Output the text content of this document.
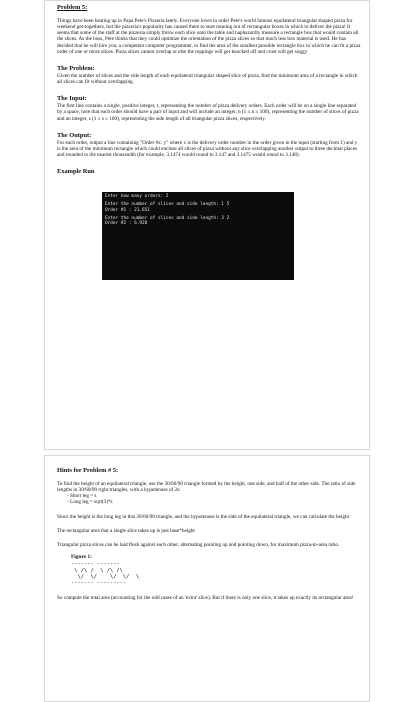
Problem 5:

Things have been heating up in Papa Pete's Pizzeria lately. Everyone loves to order Pete's world famous equilateral triangular shaped pizza for weekend get-togethers, but the pizzeria's popularity has caused them to start running out of rectangular boxes in which to deliver the pizza! It seems that some of the staff at the pizzeria simply throw each slice onto the table and haphazardly measure a rectangle box that would contain all the slices. As the boss, Pete thinks that they could optimize the orientation of the pizza slices so that much less box material is used. He has decided that he will hire you, a competent computer programmer, to find the area of the smallest possible rectangle box in which he can fit a pizza order of one or more slices. Pizza slices cannot overlap or else the toppings will get knocked off and crust will get soggy.

The Problem:

Given the number of slices and the side length of each equilateral triangular shaped slice of pizza, find the minimum area of a rectangle in which all slices can fit without overlapping.

The Input:

The first line contains a single, positive integer, t, representing the number of pizza delivery orders. Each order will be on a single line separated by a space, note that each order should have a pair of input and will include an integer, n (1 ≤ n ≤ 100), representing the number of slices of pizza and an integer, s (1 ≤ s ≤ 100), representing the side length of all triangular pizza slices, respectively.

The Output:

For each order, output a line containing "Order #x: y" where x is the delivery order number in the order given in the input (starting from 1) and y is the area of the minimum rectangle which could enclose all slices of pizza without any slice overlapping another output to three decimal places and rounded to the nearest thousandth (for example, 3.1474 would round to 3.147 and 3.1475 would round to 3.148).

Example Run

Enter how many orders: 2
Enter the number of slices and side length: 1 5
Order #1 : 21.651
Enter the number of slices and side length: 3 2
Order #2 : 6.928

Hints for Problem # 5:

To find the height of an equilateral triangle, use the 30/60/90 triangle formed by the height, one side, and half of the other side. The ratio of side lengths in 30/60/90 right triangles, with a hypotenuse of 2s:

- Short leg = s
- Long leg = sqrt(3)*s

Since the height is the long leg in this 30/60/90 triangle, and the hypotenuse is the side of the equilateral triangle, we can calculate the height.

The rectangular area that a single slice takes up is just base*height

Triangular pizza slices can be laid flush against each other, alternating pointing up and pointing down, for maximum pizza-to-area ratio.

Figure 1:

------- -------
\ /\ /  \ /\ /\
\/  \/    \/  \/  \
------- ---------

So compute the total area (accounting for the odd cases of an 'extra' slice). But if there is only one slice, it takes up exactly its rectangular area!
